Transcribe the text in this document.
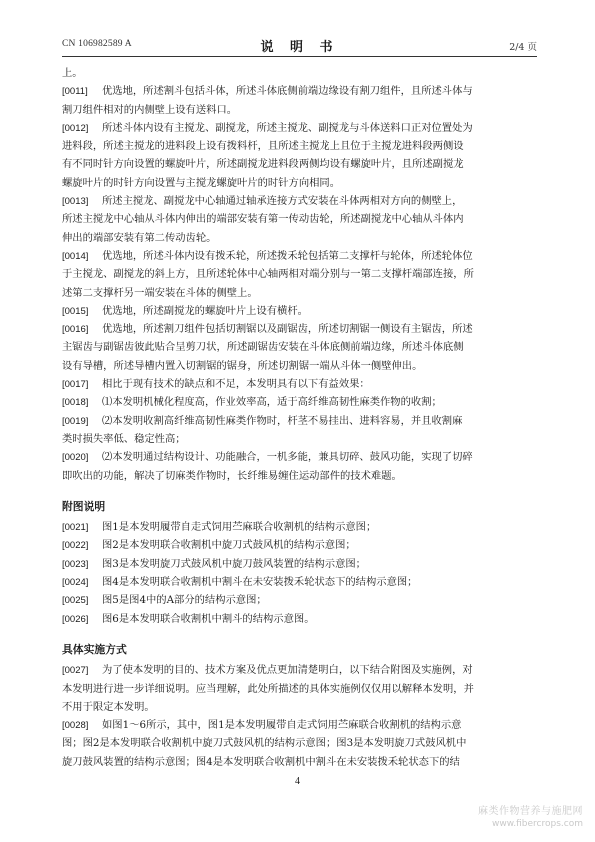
CN 106982589 A	说 明 书	2/4 页
上。
[0011] 优选地，所述割斗包括斗体，所述斗体底侧前端边缘设有割刀组件，且所述斗体与
割刀组件相对的内侧壁上设有送料口。
[0012] 所述斗体内设有主搅龙、副搅龙，所述主搅龙、副搅龙与斗体送料口正对位置处为
进料段，所述主搅龙的进料段上设有拨料杆，且所述主搅龙上且位于主搅龙进料段两侧设
有不同时针方向设置的螺旋叶片，所述副搅龙进料段两侧均设有螺旋叶片，且所述副搅龙
螺旋叶片的时针方向设置与主搅龙螺旋叶片的时针方向相同。
[0013] 所述主搅龙、副搅龙中心轴通过轴承连接方式安装在斗体两相对方向的侧壁上，
所述主搅龙中心轴从斗体内伸出的端部安装有第一传动齿轮，所述副搅龙中心轴从斗体内
伸出的端部安装有第二传动齿轮。
[0014] 优选地，所述斗体内设有拨禾轮，所述拨禾轮包括第二支撑杆与轮体，所述轮体位
于主搅龙、副搅龙的斜上方，且所述轮体中心轴两相对端分别与一第二支撑杆端部连接，所
述第二支撑杆另一端安装在斗体的侧壁上。
[0015] 优选地，所述副搅龙的螺旋叶片上设有横杆。
[0016] 优选地，所述割刀组件包括切割锯以及副锯齿，所述切割锯一侧设有主锯齿，所述
主锯齿与副锯齿彼此贴合呈剪刀状，所述副锯齿安装在斗体底侧前端边缘，所述斗体底侧
设有导槽，所述导槽内置入切割锯的锯身，所述切割锯一端从斗体一侧壁伸出。
[0017] 相比于现有技术的缺点和不足，本发明具有以下有益效果：
[0018] ⑴本发明机械化程度高，作业效率高，适于高纤维高韧性麻类作物的收割；
[0019] ⑵本发明收割高纤维高韧性麻类作物时，杆茎不易挂出、进料容易，并且收割麻
类时损失率低、稳定性高；
[0020] ⑵本发明通过结构设计、功能融合，一机多能，兼具切碎、鼓风功能，实现了切碎
即吹出的功能，解决了切麻类作物时，长纤维易缠住运动部件的技术难题。
附图说明
[0021] 图1是本发明履带自走式饲用苎麻联合收割机的结构示意图；
[0022] 图2是本发明联合收割机中旋刀式鼓风机的结构示意图；
[0023] 图3是本发明旋刀式鼓风机中旋刀鼓风装置的结构示意图；
[0024] 图4是本发明联合收割机中割斗在未安装拨禾轮状态下的结构示意图；
[0025] 图5是图4中的A部分的结构示意图；
[0026] 图6是本发明联合收割机中割斗的结构示意图。
具体实施方式
[0027] 为了使本发明的目的、技术方案及优点更加清楚明白，以下结合附图及实施例，对
本发明进行进一步详细说明。应当理解，此处所描述的具体实施例仅仅用以解释本发明，并
不用于限定本发明。
[0028] 如图1～6所示，其中，图1是本发明履带自走式饲用苎麻联合收割机的结构示意
图；图2是本发明联合收割机中旋刀式鼓风机的结构示意图；图3是本发明旋刀式鼓风机中
旋刀鼓风装置的结构示意图；图4是本发明联合收割机中割斗在未安装拨禾轮状态下的结
4
麻类作物营养与施肥网
www.fibercrops.com
